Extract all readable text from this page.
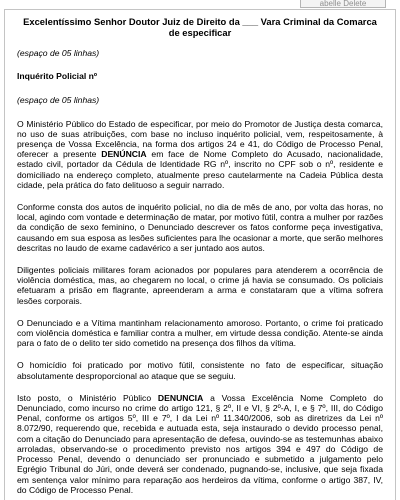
abelle Delete
Excelentíssimo Senhor Doutor Juiz de Direito da ___ Vara Criminal da Comarca de especificar
(espaço de 05 linhas)
Inquérito Policial nº
(espaço de 05 linhas)
O Ministério Público do Estado de especificar, por meio do Promotor de Justiça desta comarca, no uso de suas atribuições, com base no incluso inquérito policial, vem, respeitosamente, à presença de Vossa Excelência, na forma dos artigos 24 e 41, do Código de Processo Penal, oferecer a presente DENÚNCIA em face de Nome Completo do Acusado, nacionalidade, estado civil, portador da Cédula de Identidade RG nº, inscrito no CPF sob o nº, residente e domiciliado na endereço completo, atualmente preso cautelarmente na Cadeia Pública desta cidade, pela prática do fato delituoso a seguir narrado.
Conforme consta dos autos de inquérito policial, no dia de mês de ano, por volta das horas, no local, agindo com vontade e determinação de matar, por motivo fútil, contra a mulher por razões da condição de sexo feminino, o Denunciado descrever os fatos conforme peça investigativa, causando em sua esposa as lesões suficientes para lhe ocasionar a morte, que serão melhores descritas no laudo de exame cadavérico a ser juntado aos autos.
Diligentes policiais militares foram acionados por populares para atenderem a ocorrência de violência doméstica, mas, ao chegarem no local, o crime já havia se consumado. Os policiais efetuaram a prisão em flagrante, apreenderam a arma e constataram que a vítima sofrera lesões corporais.
O Denunciado e a Vítima mantinham relacionamento amoroso. Portanto, o crime foi praticado com violência doméstica e familiar contra a mulher, em virtude dessa condição. Atente-se ainda para o fato de o delito ter sido cometido na presença dos filhos da vítima.
O homicídio foi praticado por motivo fútil, consistente no fato de especificar, situação absolutamente desproporcional ao ataque que se seguiu.
Isto posto, o Ministério Público DENUNCIA a Vossa Excelência Nome Completo do Denunciado, como incurso no crime do artigo 121, § 2º, II e VI, § 2º-A, I, e § 7º, III, do Código Penal, conforme os artigos 5º, III e 7º, I da Lei nº 11.340/2006, sob as diretrizes da Lei nº 8.072/90, requerendo que, recebida e autuada esta, seja instaurado o devido processo penal, com a citação do Denunciado para apresentação de defesa, ouvindo-se as testemunhas abaixo arroladas, observando-se o procedimento previsto nos artigos 394 e 497 do Código de Processo Penal, devendo o denunciado ser pronunciado e submetido a julgamento pelo Egrégio Tribunal do Júri, onde deverá ser condenado, pugnando-se, inclusive, que seja fixada em sentença valor mínimo para reparação aos herdeiros da vítima, conforme o artigo 387, IV, do Código de Processo Penal.
